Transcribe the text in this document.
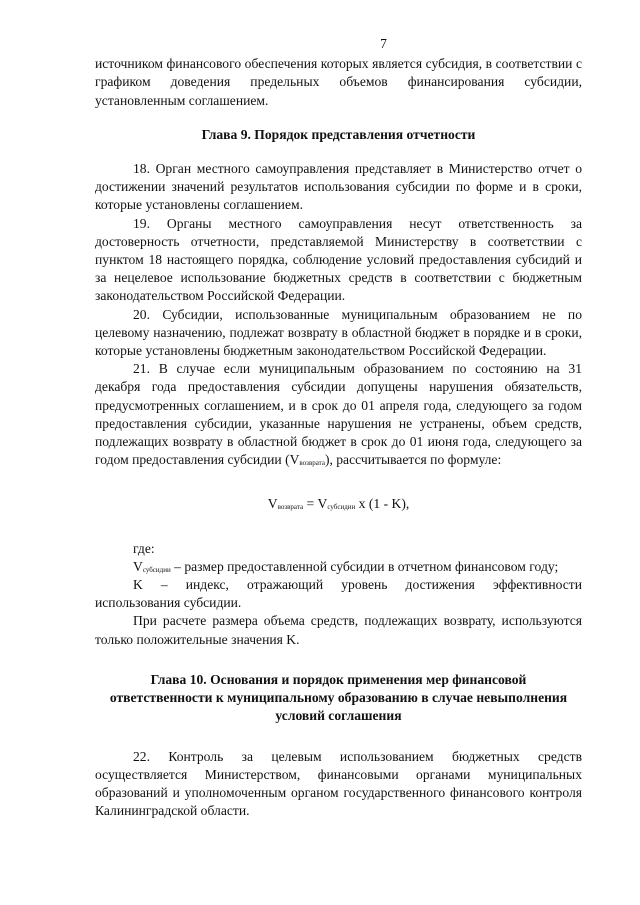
7

источником финансового обеспечения которых является субсидия, в соответствии с графиком доведения предельных объемов финансирования субсидии, установленным соглашением.

Глава 9. Порядок представления отчетности

18. Орган местного самоуправления представляет в Министерство отчет о достижении значений результатов использования субсидии по форме и в сроки, которые установлены соглашением.

19. Органы местного самоуправления несут ответственность за достоверность отчетности, представляемой Министерству в соответствии с пунктом 18 настоящего порядка, соблюдение условий предоставления субсидий и за нецелевое использование бюджетных средств в соответствии с бюджетным законодательством Российской Федерации.

20. Субсидии, использованные муниципальным образованием не по целевому назначению, подлежат возврату в областной бюджет в порядке и в сроки, которые установлены бюджетным законодательством Российской Федерации.

21. В случае если муниципальным образованием по состоянию на 31 декабря года предоставления субсидии допущены нарушения обязательств, предусмотренных соглашением, и в срок до 01 апреля года, следующего за годом предоставления субсидии, указанные нарушения не устранены, объем средств, подлежащих возврату в областной бюджет в срок до 01 июня года, следующего за годом предоставления субсидии $(V_{возврата})$, рассчитывается по формуле:

$V_{возврата} = V_{субсидии}$ х (1 - K),

где:

$V_{субсидии}$ – размер предоставленной субсидии в отчетном финансовом году;

K – индекс, отражающий уровень достижения эффективности использования субсидии.

При расчете размера объема средств, подлежащих возврату, используются только положительные значения K.

Глава 10. Основания и порядок применения мер финансовой ответственности к муниципальному образованию в случае невыполнения условий соглашения

22. Контроль за целевым использованием бюджетных средств осуществляется Министерством, финансовыми органами муниципальных образований и уполномоченным органом государственного финансового контроля Калининградской области.
